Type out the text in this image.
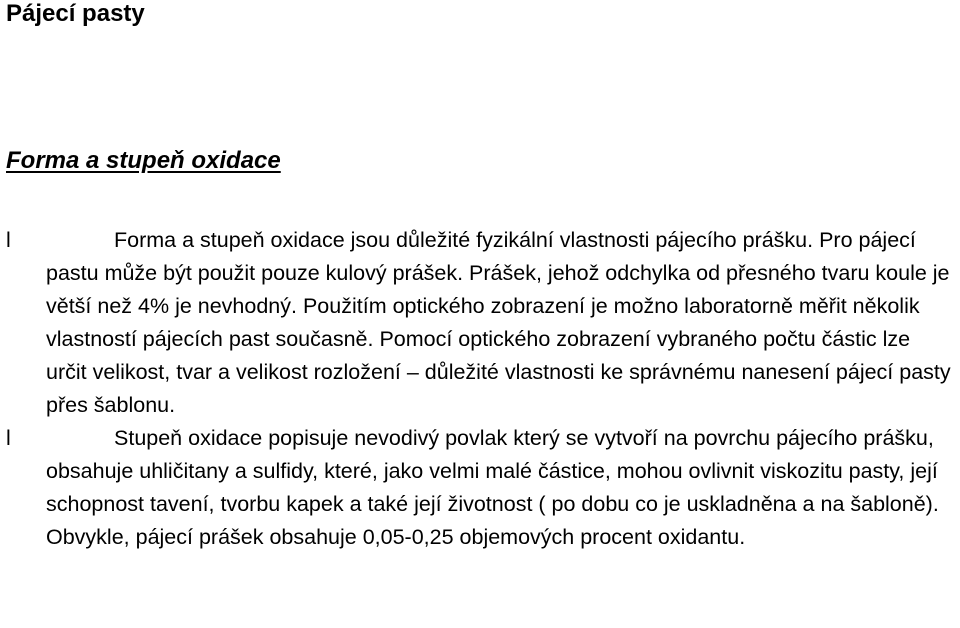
Pájecí pasty
Forma a stupeň oxidace

l	Forma a stupeň oxidace jsou důležité fyzikální vlastnosti pájecího prášku. Pro pájecí pastu může být použit pouze kulový prášek. Prášek, jehož odchylka od přesného tvaru koule je větší než 4% je nevhodný. Použitím optického zobrazení je možno laboratorně měřit několik vlastností pájecích past současně. Pomocí optického zobrazení vybraného počtu částic lze určit velikost, tvar a velikost rozložení – důležité vlastnosti ke správnému nanesení pájecí pasty přes šablonu.

l	Stupeň oxidace popisuje nevodivý povlak který se vytvoří na povrchu pájecího prášku, obsahuje uhličitany a sulfidy, které, jako velmi malé částice, mohou ovlivnit viskozitu pasty, její schopnost tavení, tvorbu kapek a také její životnost ( po dobu co je uskladněna a na šabloně). Obvykle, pájecí prášek obsahuje 0,05-0,25 objemových procent oxidantu.
